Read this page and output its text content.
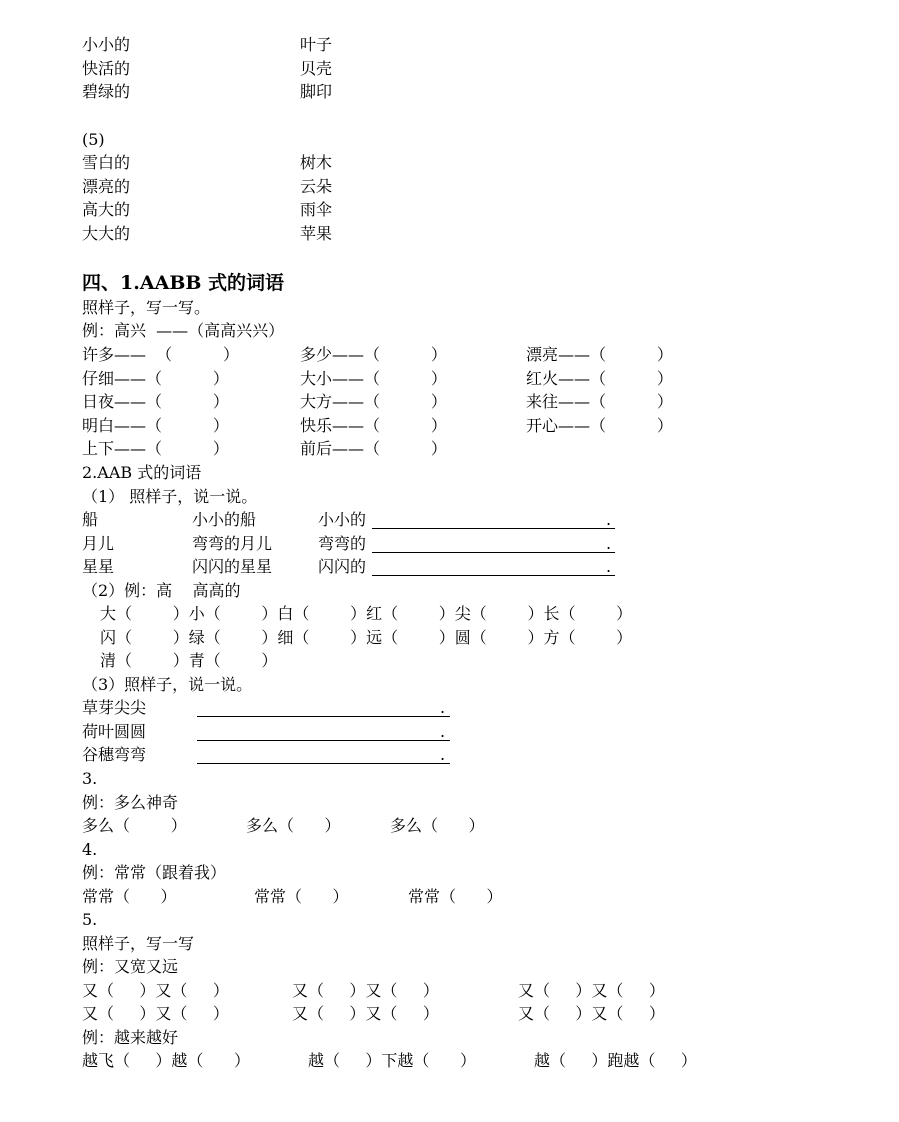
小小的	叶子
快活的	贝壳
碧绿的	脚印
(5)
雪白的	树木
漂亮的	云朵
高大的	雨伞
大大的	苹果
四、1.AABB 式的词语
照样子，写一写。
例：高兴  ——（高高兴兴）
许多——  （          ）	多少——（          ）	漂亮——（          ）
仔细——（          ）	大小——（          ）	红火——（          ）
日夜——（          ）	大方——（          ）	来往——（          ）
明白——（          ）	快乐——（          ）	开心——（          ）
上下——（          ）	前后——（          ）
2.AAB 式的词语
（1） 照样子，说一说。
船	小小的船	小小的	.
月儿	弯弯的月儿	弯弯的	.
星星	闪闪的星星	闪闪的	.
（2）例：高    高高的
大（        ）小（        ）白（        ）红（        ）尖（        ）长（        ）
闪（        ）绿（        ）细（        ）远（        ）圆（        ）方（        ）
清（        ）青（        ）
（3）照样子，说一说。
草芽尖尖	.
荷叶圆圆	.
谷穗弯弯	.
3.
例：多么神奇
多么（        ）	多么（      ）	多么（      ）
4.
例：常常（跟着我）
常常（      ）	常常（      ）	常常（      ）
5.
照样子，写一写
例：又宽又远
又（     ）又（     ）	又（     ）又（     ）	又（     ）又（     ）
又（     ）又（     ）	又（     ）又（     ）	又（     ）又（     ）
例：越来越好
越飞（     ）越（      ）	越（     ）下越（      ）	越（     ）跑越（     ）
